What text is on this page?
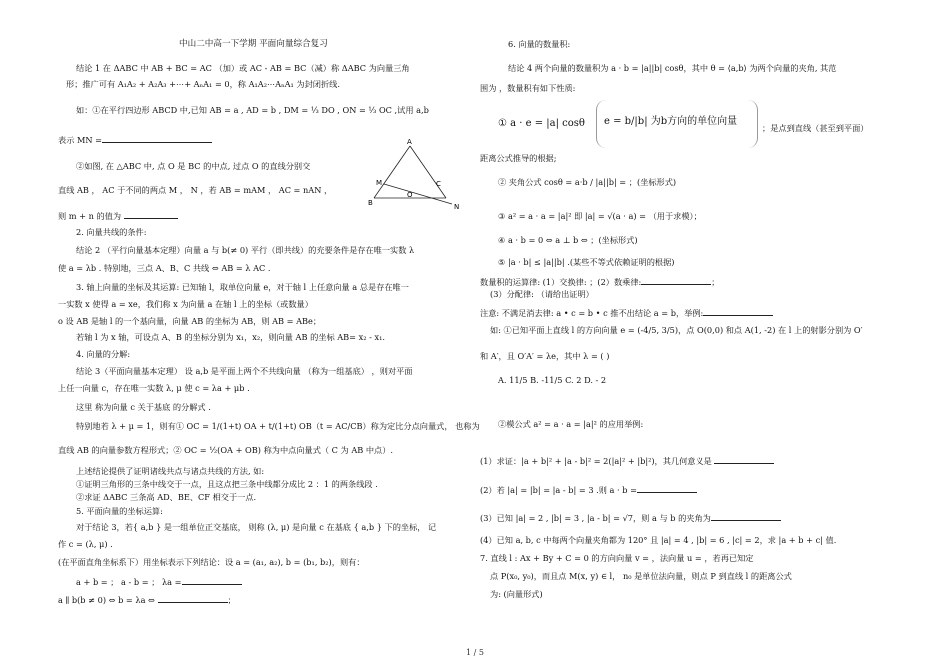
中山二中高一下学期 平面向量综合复习
结论 1 在 ΔABC 中 AB + BC = AC （加）或 AC - AB = BC（减）称 ΔABC 为向量三角
形；推广可有 A₁A₂ + A₂A₃ +⋯+ AₙA₁ = 0，称 A₁A₂⋯AₙA₁ 为封闭折线.
如：①在平行四边形 ABCD 中,已知 AB = a , AD = b , DM = ⅓ DO , ON = ⅓ OC ,试用 a,b
表示 MN =
②如图, 在 △ABC 中, 点 O 是 BC 的中点, 过点 O 的直线分别交
直线 AB ， AC 于不同的两点 M ， N ，若 AB = mAM ， AC = nAN ，
则 m + n 的值为
2. 向量共线的条件:
结论 2 （平行向量基本定理）向量 a 与 b(≠ 0) 平行（即共线）的充要条件是存在唯一实数 λ
使 a = λb . 特别地，三点 A、B、C 共线 ⇔ AB = λ AC .
3. 轴上向量的坐标及其运算: 已知轴 l，取单位向量 e，对于轴 l 上任意向量 a 总是存在唯一
一实数 x 使得 a = xe，我们称 x 为向量 a 在轴 l 上的坐标（或数量）
o 设 AB 是轴 l 的一个基向量，向量 AB 的坐标为 AB，则 AB = ABe；
若轴 l 为 x 轴，可设点 A、B 的坐标分别为 x₁，x₂，则向量 AB 的坐标 AB= x₂ - x₁.
4. 向量的分解:
结论 3（平面向量基本定理） 设 a,b 是平面上两个不共线向量 （称为一组基底） ，则对平面
上任一向量 c，存在唯一实数 λ, μ 使 c = λa + μb .
这里 称为向量 c 关于基底 的分解式 .
特别地若 λ + μ = 1，则有① OC = 1/(1+t) OA + t/(1+t) OB（t = AC/CB）称为定比分点向量式， 也称为
直线 AB 的向量参数方程形式；② OC = ½(OA + OB) 称为中点向量式（ C 为 AB 中点）.
上述结论提供了证明诸线共点与诸点共线的方法, 如:
①证明三角形的三条中线交于一点，且这点把三条中线都分成比 2 ：1 的两条线段 .
②求证 ΔABC 三条高 AD、BE、CF 相交于一点.
5. 平面向量的坐标运算:
对于结论 3，若{ a,b } 是一组单位正交基底， 则称 (λ, μ) 是向量 c 在基底 { a,b } 下的坐标， 记
作 c = (λ, μ) .
(在平面直角坐标系下）用坐标表示下列结论：设 a = (a₁, a₂), b = (b₁, b₂)，则有：
a + b = ； a - b = ； λa =
a ∥ b(b ≠ 0) ⇔ b = λa ⇔	；
A
M
O
C
B	N
6. 向量的数量积:
结论 4 两个向量的数量积为 a · b = |a||b| cosθ，其中 θ = ⟨a,b⟩ 为两个向量的夹角, 其范
围为 ，数量积有如下性质:
① a · e = |a| cosθ e = b/|b| 为b方向的单位向量
；是点到直线（甚至到平面）
距离公式推导的根据;
② 夹角公式 cosθ = a·b / |a||b| = ；(坐标形式)
③ a² = a · a = |a|² 即 |a| = √(a · a) = （用于求模）；
④ a · b = 0 ⇔ a ⊥ b ⇔ ；(坐标形式)
⑤ |a · b| ≤ |a||b| .(某些不等式依赖证明的根据)
数量积的运算律: (1）交换律: ；(2）数乘律:	；
(3）分配律: （请给出证明）
注意: 不满足消去律: a • c = b • c 推不出结论 a = b，举例:
如: ①已知平面上直线 l 的方向向量 e = (-4/5, 3/5)，点 O(0,0) 和点 A(1, -2) 在 l 上的射影分别为 O′
和 A′，且 O′A′ = λe，其中 λ = ( )
A. 11/5 B. -11/5 C. 2 D. - 2
②模公式 a² = a · a = |a|² 的应用举例:
(1）求证：|a + b|² + |a - b|² = 2(|a|² + |b|²)，其几何意义是
(2）若 |a| = |b| = |a - b| = 3 .则 a · b =
(3）已知 |a| = 2 , |b| = 3 , |a - b| = √7，则 a 与 b 的夹角为
(4）已知 a, b, c 中每两个向量夹角都为 120° 且 |a| = 4 , |b| = 6 , |c| = 2，求 |a + b + c| 值.
7. 直线 l : Ax + By + C = 0 的方向向量 v = ，法向量 u = ，若再已知定
点 P(x₀, y₀)，而且点 M(x, y) ∈ l， n₀ 是单位法向量，则点 P 到直线 l 的距离公式
为: (向量形式)
1 / 5
